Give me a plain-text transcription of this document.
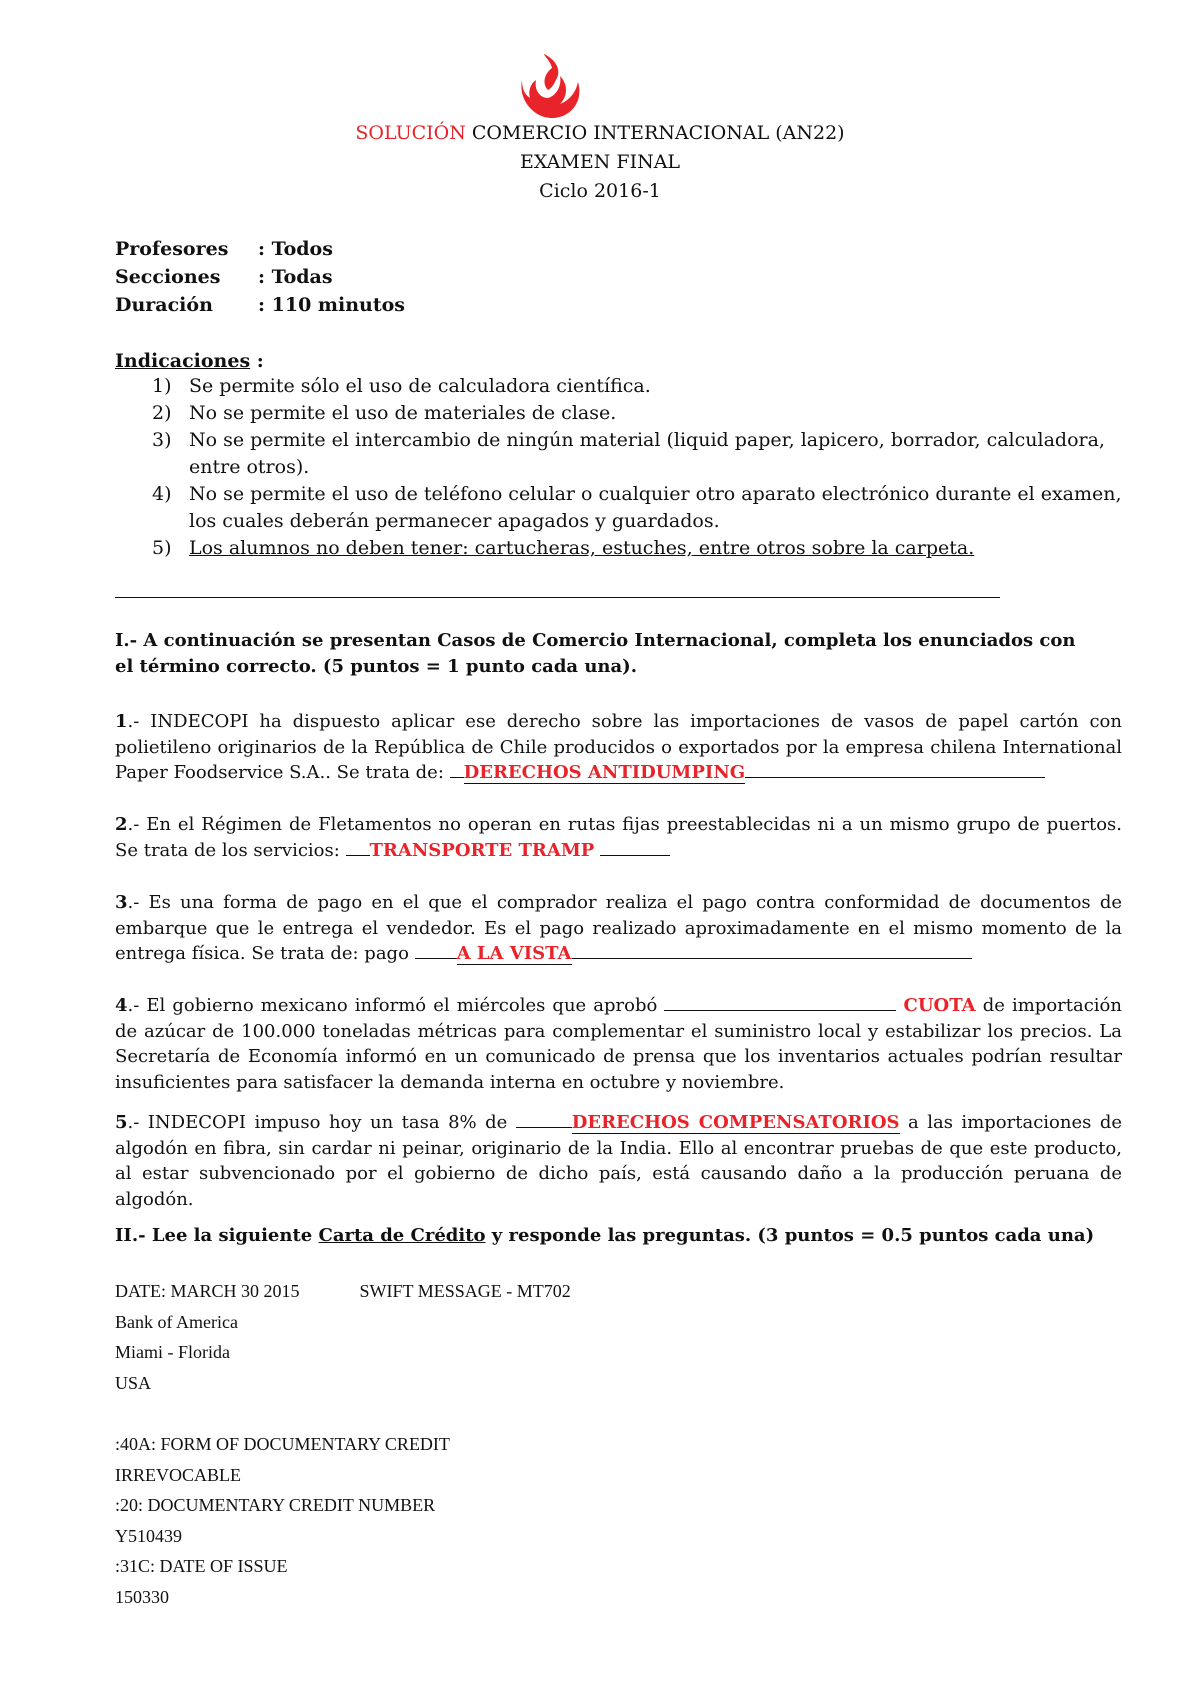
SOLUCIÓN COMERCIO INTERNACIONAL (AN22)
EXAMEN FINAL
Ciclo 2016-1
Profesores : Todos
Secciones : Todas
Duración : 110 minutos
Indicaciones :
1) Se permite sólo el uso de calculadora científica.
2) No se permite el uso de materiales de clase.
3) No se permite el intercambio de ningún material (liquid paper, lapicero, borrador, calculadora, entre otros).
4) No se permite el uso de teléfono celular o cualquier otro aparato electrónico durante el examen, los cuales deberán permanecer apagados y guardados.
5) Los alumnos no deben tener: cartucheras, estuches, entre otros sobre la carpeta.
I.- A continuación se presentan Casos de Comercio Internacional, completa los enunciados con el término correcto. (5 puntos = 1 punto cada una).
1.- INDECOPI ha dispuesto aplicar ese derecho sobre las importaciones de vasos de papel cartón con polietileno originarios de la República de Chile producidos o exportados por la empresa chilena International Paper Foodservice S.A.. Se trata de: DERECHOS ANTIDUMPING
2.- En el Régimen de Fletamentos no operan en rutas fijas preestablecidas ni a un mismo grupo de puertos. Se trata de los servicios: TRANSPORTE TRAMP
3.- Es una forma de pago en el que el comprador realiza el pago contra conformidad de documentos de embarque que le entrega el vendedor. Es el pago realizado aproximadamente en el mismo momento de la entrega física. Se trata de: pago A LA VISTA
4.- El gobierno mexicano informó el miércoles que aprobó	CUOTA de importación de azúcar de 100.000 toneladas métricas para complementar el suministro local y estabilizar los precios. La Secretaría de Economía informó en un comunicado de prensa que los inventarios actuales podrían resultar insuficientes para satisfacer la demanda interna en octubre y noviembre.
5.- INDECOPI impuso hoy un tasa 8% de	DERECHOS COMPENSATORIOS a las importaciones de algodón en fibra, sin cardar ni peinar, originario de la India. Ello al encontrar pruebas de que este producto, al estar subvencionado por el gobierno de dicho país, está causando daño a la producción peruana de algodón.
II.- Lee la siguiente Carta de Crédito y responde las preguntas. (3 puntos = 0.5 puntos cada una)
DATE: MARCH 30 2015	SWIFT MESSAGE - MT702
Bank of America
Miami - Florida
USA

:40A: FORM OF DOCUMENTARY CREDIT
IRREVOCABLE
:20: DOCUMENTARY CREDIT NUMBER
Y510439
:31C: DATE OF ISSUE
150330
